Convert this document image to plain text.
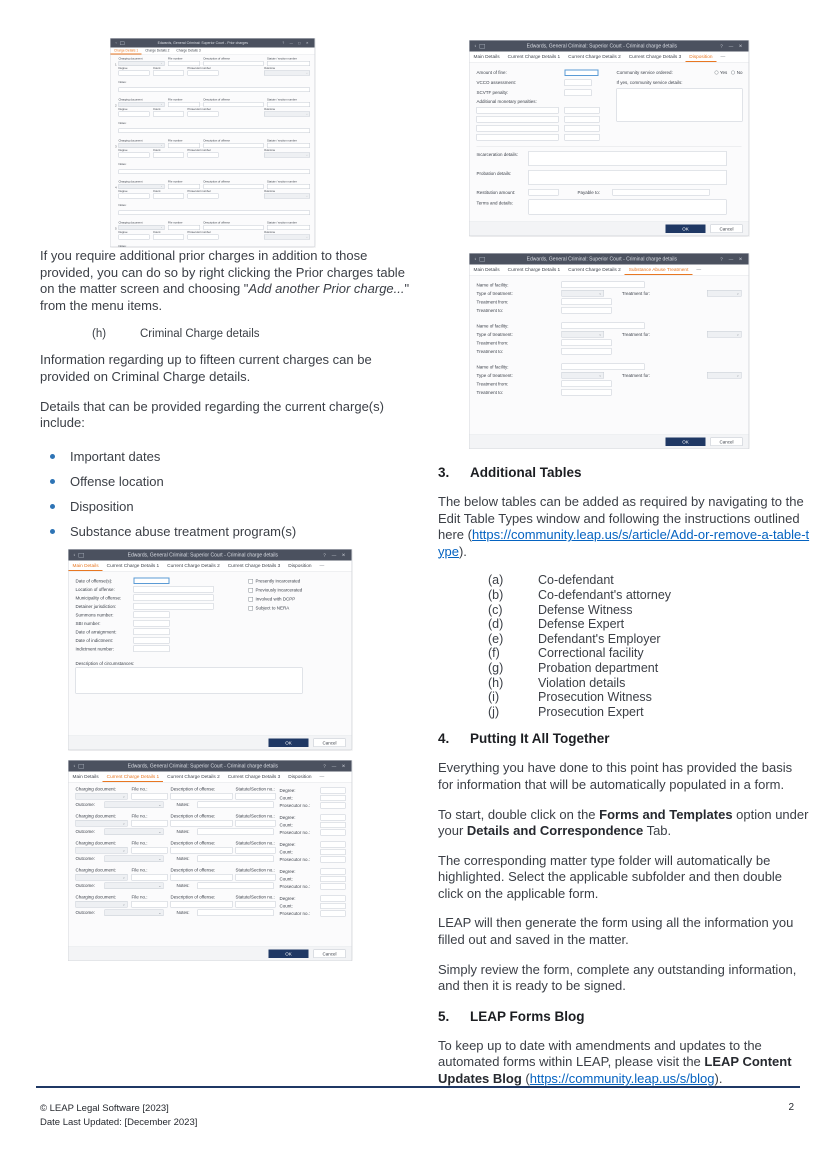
‹	Edwards, General Criminal: Superior Court - Prior charges	? — ▢ ✕
Charge Details 1	Charge Details 2	Charge Details 3
Charging document
⌄
File number	Description of offense	Statute / section number
Degree	Count	Prosecutor number	Outcome
⌄
Notes:
Charging document
⌄
File number	Description of offense	Statute / section number
Degree	Count	Prosecutor number	Outcome
⌄
Notes:
Charging document
⌄
File number	Description of offense	Statute / section number
Degree	Count	Prosecutor number	Outcome
⌄
Notes:
Charging document
⌄
File number	Description of offense	Statute / section number
Degree	Count	Prosecutor number	Outcome
⌄
Notes:
Charging document
⌄
File number	Description of offense	Statute / section number
Degree	Count	Prosecutor number	Outcome
⌄
Notes:

If you require additional prior charges in addition to those provided, you can do so by right clicking the Prior charges table on the matter screen and choosing "Add another Prior charge..." from the menu items.

(h)	Criminal Charge details

Information regarding up to fifteen current charges can be provided on Criminal Charge details.

Details that can be provided regarding the current charge(s) include:

Important dates
Offense location
Disposition
Substance abuse treatment program(s)
‹	Edwards, General Criminal: Superior Court - Criminal charge details	? — ✕
Main Details Current Charge Details 1 Current Charge Details 2 Current Charge Details 3 Disposition —
Date of offense(s):
Location of offense:
Municipality of offense:
Detainer jurisdiction:
Summons number:
SBI number:
Date of arraignment:
Date of indictment:
Indictment number:
Presently incarcerated
Previously incarcerated
Involved with DCPP
Subject to NERA
Description of circumstances:
OK	Cancel
‹	Edwards, General Criminal: Superior Court - Criminal charge details	? — ✕
Main Details Current Charge Details 1 Current Charge Details 2 Current Charge Details 3 Disposition —
Charging document:	File no.:	Description of offense:	Statute/Section no.:
⌄
Outcome:	⌄ Notes:
Degree:
Count:
Prosecutor no.:
Charging document:	File no.:	Description of offense:	Statute/Section no.:
⌄
Outcome:	⌄ Notes:
Degree:
Count:
Prosecutor no.:
Charging document:	File no.:	Description of offense:	Statute/Section no.:
⌄
Outcome:	⌄ Notes:
Degree:
Count:
Prosecutor no.:
Charging document:	File no.:	Description of offense:	Statute/Section no.:
⌄
Outcome:	⌄ Notes:
Degree:
Count:
Prosecutor no.:
Charging document:	File no.:	Description of offense:	Statute/Section no.:
⌄
Outcome:	⌄ Notes:
Degree:
Count:
Prosecutor no.:
OK	Cancel
‹	Edwards, General Criminal: Superior Court - Criminal charge details	? — ✕
Main Details Current Charge Details 1 Current Charge Details 2 Current Charge Details 3 Disposition —
Amount of fine:
VCCO assessment:
SCVTF penalty:
Additional monetary penalties:
Community service ordered:	Yes No
If yes, community service details:
Incarceration details:
Probation details:
Restitution amount:	Payable to:
Terms and details:
OK	Cancel
‹	Edwards, General Criminal: Superior Court - Criminal charge details	? — ✕
Main Details Current Charge Details 1 Current Charge Details 2 Substance Abuse Treatment —
Name of facility:
Type of treatment:	⌄ Treatment for:	⌄
Treatment from:
Treatment to:
Name of facility:
Type of treatment:	⌄ Treatment for:	⌄
Treatment from:
Treatment to:
Name of facility:
Type of treatment:	⌄ Treatment for:	⌄
Treatment from:
Treatment to:
OK	Cancel
3.	Additional Tables

The below tables can be added as required by navigating to the Edit Table Types window and following the instructions outlined here (https://community.leap.us/s/article/Add-or-remove-a-table-type).

(a)	Co-defendant
(b)	Co-defendant's attorney
(c)	Defense Witness
(d)	Defense Expert
(e)	Defendant's Employer
(f)	Correctional facility
(g)	Probation department
(h)	Violation details
(i)	Prosecution Witness
(j)	Prosecution Expert
4.	Putting It All Together

Everything you have done to this point has provided the basis for information that will be automatically populated in a form.

To start, double click on the Forms and Templates option under your Details and Correspondence Tab.

The corresponding matter type folder will automatically be highlighted. Select the applicable subfolder and then double click on the applicable form.

LEAP will then generate the form using all the information you filled out and saved in the matter.

Simply review the form, complete any outstanding information, and then it is ready to be signed.

5.	LEAP Forms Blog

To keep up to date with amendments and updates to the automated forms within LEAP, please visit the LEAP Content Updates Blog (https://community.leap.us/s/blog).

© LEAP Legal Software [2023]
Date Last Updated: [December 2023]
2
